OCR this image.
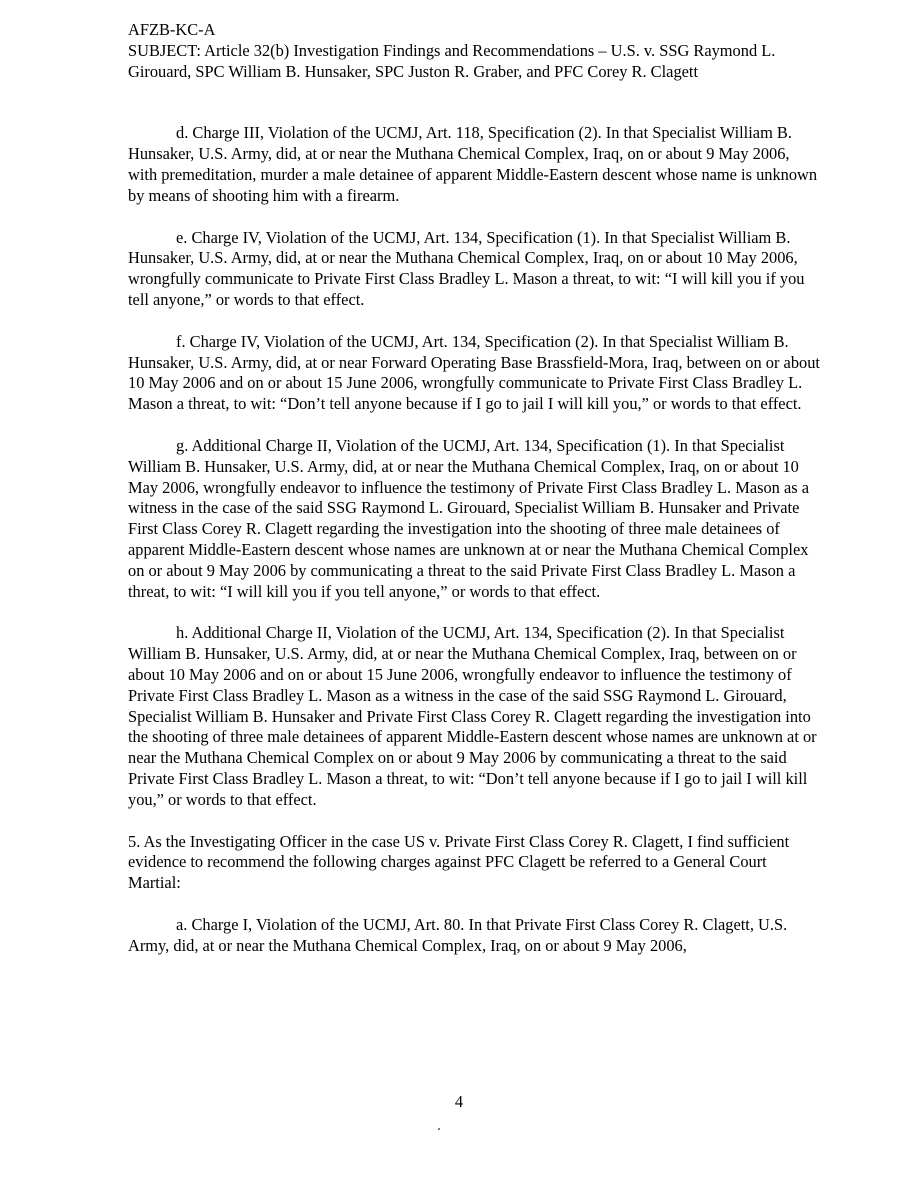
AFZB-KC-A

SUBJECT: Article 32(b) Investigation Findings and Recommendations – U.S. v. SSG Raymond L. Girouard, SPC William B. Hunsaker, SPC Juston R. Graber, and PFC Corey R. Clagett

d. Charge III, Violation of the UCMJ, Art. 118, Specification (2). In that Specialist William B. Hunsaker, U.S. Army, did, at or near the Muthana Chemical Complex, Iraq, on or about 9 May 2006, with premeditation, murder a male detainee of apparent Middle-Eastern descent whose name is unknown by means of shooting him with a firearm.

e. Charge IV, Violation of the UCMJ, Art. 134, Specification (1). In that Specialist William B. Hunsaker, U.S. Army, did, at or near the Muthana Chemical Complex, Iraq, on or about 10 May 2006, wrongfully communicate to Private First Class Bradley L. Mason a threat, to wit: “I will kill you if you tell anyone,” or words to that effect.

f. Charge IV, Violation of the UCMJ, Art. 134, Specification (2). In that Specialist William B. Hunsaker, U.S. Army, did, at or near Forward Operating Base Brassfield-Mora, Iraq, between on or about 10 May 2006 and on or about 15 June 2006, wrongfully communicate to Private First Class Bradley L. Mason a threat, to wit: “Don’t tell anyone because if I go to jail I will kill you,” or words to that effect.

g. Additional Charge II, Violation of the UCMJ, Art. 134, Specification (1). In that Specialist William B. Hunsaker, U.S. Army, did, at or near the Muthana Chemical Complex, Iraq, on or about 10 May 2006, wrongfully endeavor to influence the testimony of Private First Class Bradley L. Mason as a witness in the case of the said SSG Raymond L. Girouard, Specialist William B. Hunsaker and Private First Class Corey R. Clagett regarding the investigation into the shooting of three male detainees of apparent Middle-Eastern descent whose names are unknown at or near the Muthana Chemical Complex on or about 9 May 2006 by communicating a threat to the said Private First Class Bradley L. Mason a threat, to wit: “I will kill you if you tell anyone,” or words to that effect.

h. Additional Charge II, Violation of the UCMJ, Art. 134, Specification (2). In that Specialist William B. Hunsaker, U.S. Army, did, at or near the Muthana Chemical Complex, Iraq, between on or about 10 May 2006 and on or about 15 June 2006, wrongfully endeavor to influence the testimony of Private First Class Bradley L. Mason as a witness in the case of the said SSG Raymond L. Girouard, Specialist William B. Hunsaker and Private First Class Corey R. Clagett regarding the investigation into the shooting of three male detainees of apparent Middle-Eastern descent whose names are unknown at or near the Muthana Chemical Complex on or about 9 May 2006 by communicating a threat to the said Private First Class Bradley L. Mason a threat, to wit: “Don’t tell anyone because if I go to jail I will kill you,” or words to that effect.

5. As the Investigating Officer in the case US v. Private First Class Corey R. Clagett, I find sufficient evidence to recommend the following charges against PFC Clagett be referred to a General Court Martial:

a. Charge I, Violation of the UCMJ, Art. 80. In that Private First Class Corey R. Clagett, U.S. Army, did, at or near the Muthana Chemical Complex, Iraq, on or about 9 May 2006,

4
